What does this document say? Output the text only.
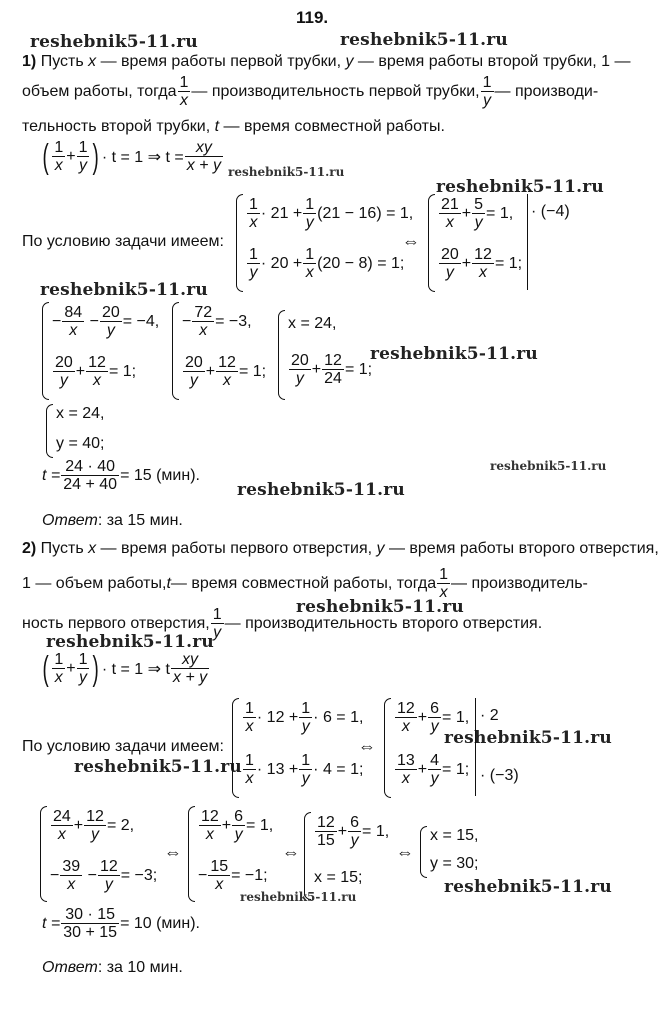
119.
reshebnik5-11.ru	reshebnik5-11.ru
reshebnik5-11.ru
reshebnik5-11.ru
reshebnik5-11.ru
reshebnik5-11.ru
reshebnik5-11.ru
reshebnik5-11.ru
reshebnik5-11.ru
reshebnik5-11.ru
reshebnik5-11.ru
reshebnik5-11.ru
reshebnik5-11.ru
reshebnik5-11.ru
1) Пусть x — время работы первой трубки, y — время работы второй трубки, 1 —
объем работы, тогда $\frac{1}{x}$ — производительность первой трубки, $\frac{1}{y}$ — производи-
тельность второй трубки, t — время совместной работы.
( $\frac{1}{x} + \frac{1}{y}$ ) · t = 1 ⇒ $t = \frac{xy}{x + y}$
По условию задачи имеем:
$\frac{1}{x} \cdot 21 + \frac{1}{y} (21 - 16) = 1$,
$\frac{1}{y} \cdot 20 + \frac{1}{x} (20 - 8) = 1$;
⇔
$\frac{21}{x} + \frac{5}{y} = 1$,
$\frac{20}{y} + \frac{12}{x} = 1$;
· (−4)
− $\frac{84}{x}$
− $\frac{20}{y} = -4$,
$\frac{20}{y} + \frac{12}{x} = 1$;
− $\frac{72}{x} = -3$,
$\frac{20}{y} + \frac{12}{x} = 1$;
x = 24,
$\frac{20}{y} + \frac{12}{24} = 1$;
x = 24,
y = 40;
$t = \frac{24 \cdot 40}{24 + 40} = 15$ (мин).
Ответ: за 15 мин.
2) Пусть x — время работы первого отверстия, y — время работы второго отверстия,
1 — объем работы, t — время совместной работы, тогда $\frac{1}{x}$ — производитель-
ность первого отверстия, $\frac{1}{y}$ — производительность второго отверстия.
( $\frac{1}{x} + \frac{1}{y}$ ) · t = 1 ⇒ t $\frac{xy}{x + y}$
По условию задачи имеем:
$\frac{1}{x} \cdot 12 + \frac{1}{y} \cdot 6 = 1$,
$\frac{1}{x} \cdot 13 + \frac{1}{y} \cdot 4 = 1$;
⇔
$\frac{12}{x} + \frac{6}{y} = 1$,
$\frac{13}{x} + \frac{4}{y} = 1$;
· 2
· (−3)
$\frac{24}{x} + \frac{12}{y} = 2$,
− $\frac{39}{x}$
− $\frac{12}{y} = -3$;
⇔
$\frac{12}{x} + \frac{6}{y} = 1$,
− $\frac{15}{x} = -1$;
⇔
$\frac{12}{15} + \frac{6}{y} = 1$,
x = 15;
⇔
x = 15,
y = 30;
$t = \frac{30 \cdot 15}{30 + 15} = 10$ (мин).
Ответ: за 10 мин.
